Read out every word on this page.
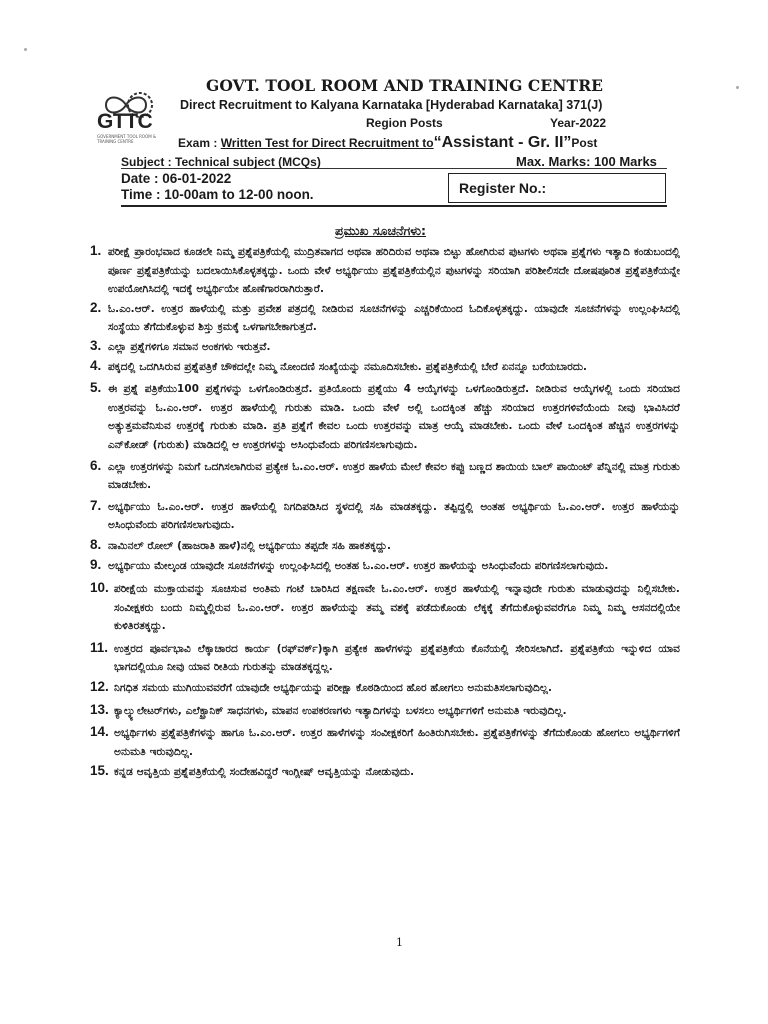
GTTC
GOVERNMENT TOOL ROOM & TRAINING CENTRE
GOVT. TOOL ROOM AND TRAINING CENTRE
Direct Recruitment to Kalyana Karnataka [Hyderabad Karnataka] 371(J)
Region Posts	Year-2022
Exam : Written Test for Direct Recruitment to“Assistant - Gr. II”Post
Subject : Technical subject (MCQs)	Max. Marks: 100 Marks
Date : 06-01-2022
Time : 10-00am to 12-00 noon.	Register No.:
ಪ್ರಮುಖ ಸೂಚನೆಗಳು:
1. ಪರೀಕ್ಷೆ ಪ್ರಾರಂಭವಾದ ಕೂಡಲೇ ನಿಮ್ಮ ಪ್ರಶ್ನೆಪತ್ರಿಕೆಯಲ್ಲಿ ಮುದ್ರಿತವಾಗದ ಅಥವಾ ಹರಿದಿರುವ ಅಥವಾ ಬಿಟ್ಟು ಹೋಗಿರುವ ಪುಟಗಳು ಅಥವಾ ಪ್ರಶ್ನೆಗಳು ಇತ್ಯಾದಿ ಕಂಡುಬಂದಲ್ಲಿ ಪೂರ್ಣ ಪ್ರಶ್ನೆಪತ್ರಿಕೆಯನ್ನು ಬದಲಾಯಿಸಿಕೊಳ್ಳತಕ್ಕದ್ದು. ಒಂದು ವೇಳೆ ಅಭ್ಯರ್ಥಿಯು ಪ್ರಶ್ನೆಪತ್ರಿಕೆಯಲ್ಲಿನ ಪುಟಗಳನ್ನು ಸರಿಯಾಗಿ ಪರಿಶೀಲಿಸದೇ ದೋಷಪೂರಿತ ಪ್ರಶ್ನೆಪತ್ರಿಕೆಯನ್ನೇ ಉಪಯೋಗಿಸಿದಲ್ಲಿ ಇದಕ್ಕೆ ಅಭ್ಯರ್ಥಿಯೇ ಹೊಣೆಗಾರರಾಗಿರುತ್ತಾರೆ.
2. ಓ.ಎಂ.ಆರ್. ಉತ್ತರ ಹಾಳೆಯಲ್ಲಿ ಮತ್ತು ಪ್ರವೇಶ ಪತ್ರದಲ್ಲಿ ನೀಡಿರುವ ಸೂಚನೆಗಳನ್ನು ಎಚ್ಚರಿಕೆಯಿಂದ ಓದಿಕೊಳ್ಳತಕ್ಕದ್ದು. ಯಾವುದೇ ಸೂಚನೆಗಳನ್ನು ಉಲ್ಲಂಘಿಸಿದಲ್ಲಿ ಸಂಸ್ಥೆಯು ತೆಗೆದುಕೊಳ್ಳುವ ಶಿಸ್ತು ಕ್ರಮಕ್ಕೆ ಒಳಗಾಗಬೇಕಾಗುತ್ತದೆ.
3. ಎಲ್ಲಾ ಪ್ರಶ್ನೆಗಳಿಗೂ ಸಮಾನ ಅಂಕಗಳು ಇರುತ್ತವೆ.
4. ಪಕ್ಕದಲ್ಲಿ ಒದಗಿಸಿರುವ ಪ್ರಶ್ನೆಪತ್ರಿಕೆ ಚೌಕದಲ್ಲೇ ನಿಮ್ಮ ನೋಂದಣಿ ಸಂಖ್ಯೆಯನ್ನು ನಮೂದಿಸಬೇಕು. ಪ್ರಶ್ನೆಪತ್ರಿಕೆಯಲ್ಲಿ ಬೇರೆ ಏನನ್ನೂ ಬರೆಯಬಾರದು.
5. ಈ ಪ್ರಶ್ನೆ ಪತ್ರಿಕೆಯು100 ಪ್ರಶ್ನೆಗಳನ್ನು ಒಳಗೊಂಡಿರುತ್ತದೆ. ಪ್ರತಿಯೊಂದು ಪ್ರಶ್ನೆಯು 4 ಆಯ್ಕೆಗಳನ್ನು ಒಳಗೊಂಡಿರುತ್ತದೆ. ನೀಡಿರುವ ಆಯ್ಕೆಗಳಲ್ಲಿ ಒಂದು ಸರಿಯಾದ ಉತ್ತರವನ್ನು ಓ.ಎಂ.ಆರ್. ಉತ್ತರ ಹಾಳೆಯಲ್ಲಿ ಗುರುತು ಮಾಡಿ. ಒಂದು ವೇಳೆ ಅಲ್ಲಿ ಒಂದಕ್ಕಿಂತ ಹೆಚ್ಚು ಸರಿಯಾದ ಉತ್ತರಗಳಿವೆಯೆಂದು ನೀವು ಭಾವಿಸಿದರೆ ಅತ್ಯುತ್ತಮವೆನಿಸುವ ಉತ್ತರಕ್ಕೆ ಗುರುತು ಮಾಡಿ. ಪ್ರತಿ ಪ್ರಶ್ನೆಗೆ ಕೇವಲ ಒಂದು ಉತ್ತರವನ್ನು ಮಾತ್ರ ಆಯ್ಕೆ ಮಾಡಬೇಕು. ಒಂದು ವೇಳೆ ಒಂದಕ್ಕಿಂತ ಹೆಚ್ಚಿನ ಉತ್ತರಗಳನ್ನು ಎನ್‌ಕೋಡ್ (ಗುರುತು) ಮಾಡಿದಲ್ಲಿ ಆ ಉತ್ತರಗಳನ್ನು ಅಸಿಂಧುವೆಂದು ಪರಿಗಣಿಸಲಾಗುವುದು.
6. ಎಲ್ಲಾ ಉತ್ತರಗಳನ್ನು ನಿಮಗೆ ಒದಗಿಸಲಾಗಿರುವ ಪ್ರತ್ಯೇಕ ಓ.ಎಂ.ಆರ್. ಉತ್ತರ ಹಾಳೆಯ ಮೇಲೆ ಕೇವಲ ಕಪ್ಪು ಬಣ್ಣದ ಶಾಯಿಯ ಬಾಲ್ ಪಾಯಿಂಟ್ ಪೆನ್ನಿನಲ್ಲಿ ಮಾತ್ರ ಗುರುತು ಮಾಡಬೇಕು.
7. ಅಭ್ಯರ್ಥಿಯು ಓ.ಎಂ.ಆರ್. ಉತ್ತರ ಹಾಳೆಯಲ್ಲಿ ನಿಗದಿಪಡಿಸಿದ ಸ್ಥಳದಲ್ಲಿ ಸಹಿ ಮಾಡತಕ್ಕದ್ದು. ತಪ್ಪಿದ್ದಲ್ಲಿ ಅಂತಹ ಅಭ್ಯರ್ಥಿಯ ಓ.ಎಂ.ಆರ್. ಉತ್ತರ ಹಾಳೆಯನ್ನು ಅಸಿಂಧುವೆಂದು ಪರಿಗಣಿಸಲಾಗುವುದು.
8. ನಾಮಿನಲ್ ರೋಲ್ (ಹಾಜರಾತಿ ಹಾಳೆ)ನಲ್ಲಿ ಅಭ್ಯರ್ಥಿಯು ತಪ್ಪದೇ ಸಹಿ ಹಾಕತಕ್ಕದ್ದು.
9. ಅಭ್ಯರ್ಥಿಯು ಮೇಲ್ಕಂಡ ಯಾವುದೇ ಸೂಚನೆಗಳನ್ನು ಉಲ್ಲಂಘಿಸಿದಲ್ಲಿ ಅಂತಹ ಓ.ಎಂ.ಆರ್. ಉತ್ತರ ಹಾಳೆಯನ್ನು ಅಸಿಂಧುವೆಂದು ಪರಿಗಣಿಸಲಾಗುವುದು.
10. ಪರೀಕ್ಷೆಯ ಮುಕ್ತಾಯವನ್ನು ಸೂಚಿಸುವ ಅಂತಿಮ ಗಂಟೆ ಬಾರಿಸಿದ ತಕ್ಷಣವೇ ಓ.ಎಂ.ಆರ್. ಉತ್ತರ ಹಾಳೆಯಲ್ಲಿ ಇನ್ನಾವುದೇ ಗುರುತು ಮಾಡುವುದನ್ನು ನಿಲ್ಲಿಸಬೇಕು. ಸಂವೀಕ್ಷಕರು ಬಂದು ನಿಮ್ಮಲ್ಲಿರುವ ಓ.ಎಂ.ಆರ್. ಉತ್ತರ ಹಾಳೆಯನ್ನು ತಮ್ಮ ವಶಕ್ಕೆ ಪಡೆದುಕೊಂಡು ಲೆಕ್ಕಕ್ಕೆ ತೆಗೆದುಕೊಳ್ಳುವವರೆಗೂ ನಿಮ್ಮ ನಿಮ್ಮ ಆಸನದಲ್ಲಿಯೇ ಕುಳಿತಿರತಕ್ಕದ್ದು.
11. ಉತ್ತರದ ಪೂರ್ವಭಾವಿ ಲೆಕ್ಕಾಚಾರದ ಕಾರ್ಯ (ರಫ್‌ವರ್ಕ್)ಕ್ಕಾಗಿ ಪ್ರತ್ಯೇಕ ಹಾಳೆಗಳನ್ನು ಪ್ರಶ್ನೆಪತ್ರಿಕೆಯ ಕೊನೆಯಲ್ಲಿ ಸೇರಿಸಲಾಗಿದೆ. ಪ್ರಶ್ನೆಪತ್ರಿಕೆಯ ಇನ್ನುಳಿದ ಯಾವ ಭಾಗದಲ್ಲಿಯೂ ನೀವು ಯಾವ ರೀತಿಯ ಗುರುತನ್ನು ಮಾಡತಕ್ಕದ್ದಲ್ಲ.
12. ನಿಗಧಿತ ಸಮಯ ಮುಗಿಯುವವರೆಗೆ ಯಾವುದೇ ಅಭ್ಯರ್ಥಿಯನ್ನು ಪರೀಕ್ಷಾ ಕೊಠಡಿಯಿಂದ ಹೊರ ಹೋಗಲು ಅನುಮತಿಸಲಾಗುವುದಿಲ್ಲ.
13. ಕ್ಯಾಲ್ಕ್ಯುಲೇಟರ್‌ಗಳು, ಎಲೆಕ್ಟ್ರಾನಿಕ್ ಸಾಧನಗಳು, ಮಾಪನ ಉಪಕರಣಗಳು ಇತ್ಯಾದಿಗಳನ್ನು ಬಳಸಲು ಅಭ್ಯರ್ಥಿಗಳಿಗೆ ಅನುಮತಿ ಇರುವುದಿಲ್ಲ.
14. ಅಭ್ಯರ್ಥಿಗಳು ಪ್ರಶ್ನೆಪತ್ರಿಕೆಗಳನ್ನು ಹಾಗೂ ಓ.ಎಂ.ಆರ್. ಉತ್ತರ ಹಾಳೆಗಳನ್ನು ಸಂವೀಕ್ಷಕರಿಗೆ ಹಿಂತಿರುಗಿಸಬೇಕು. ಪ್ರಶ್ನೆಪತ್ರಿಕೆಗಳನ್ನು ತೆಗೆದುಕೊಂಡು ಹೋಗಲು ಅಭ್ಯರ್ಥಿಗಳಿಗೆ ಅನುಮತಿ ಇರುವುದಿಲ್ಲ.
15. ಕನ್ನಡ ಆವೃತ್ತಿಯ ಪ್ರಶ್ನೆಪತ್ರಿಕೆಯಲ್ಲಿ ಸಂದೇಹವಿದ್ದರೆ ಇಂಗ್ಲೀಷ್ ಆವೃತ್ತಿಯನ್ನು ನೋಡುವುದು.
1
